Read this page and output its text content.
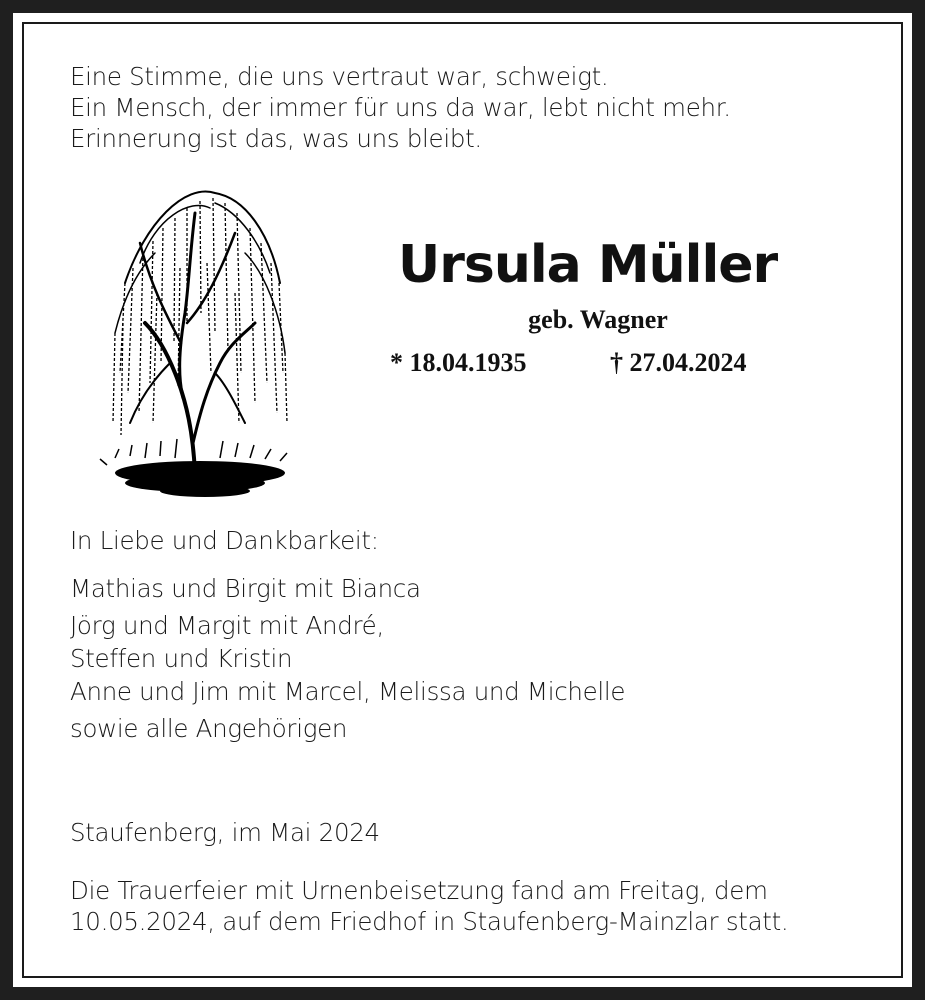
Eine Stimme, die uns vertraut war, schweigt.
Ein Mensch, der immer für uns da war, lebt nicht mehr.
Erinnerung ist das, was uns bleibt.
Ursula Müller
geb. Wagner
* 18.04.1935	† 27.04.2024
In Liebe und Dankbarkeit:
Mathias und Birgit mit Bianca
Jörg und Margit mit André,
Steffen und Kristin
Anne und Jim mit Marcel, Melissa und Michelle
sowie alle Angehörigen
Staufenberg, im Mai 2024
Die Trauerfeier mit Urnenbeisetzung fand am Freitag, dem
10.05.2024, auf dem Friedhof in Staufenberg-Mainzlar statt.
